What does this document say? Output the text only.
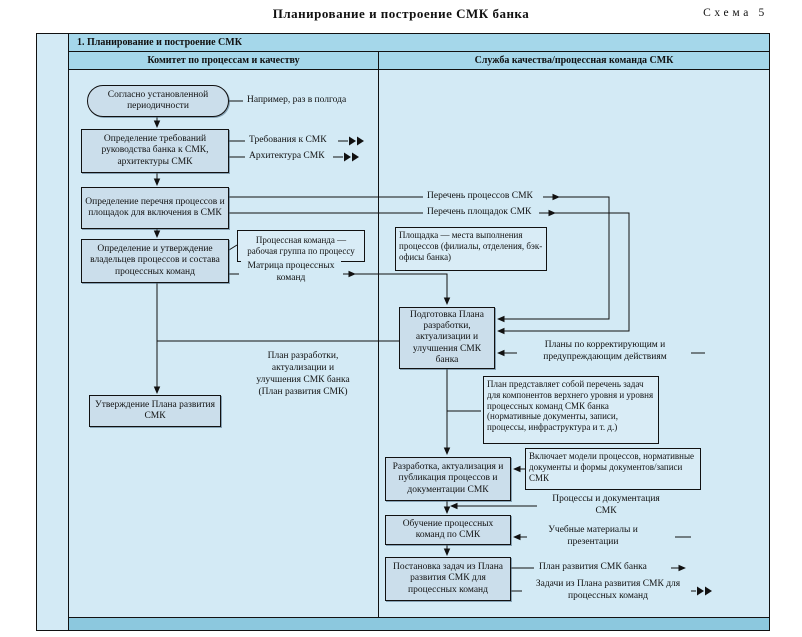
Планирование и построение СМК банка	Схема 5
1. Планирование и построение СМК
Комитет по процессам и качеству	Служба качества/процессная команда СМК
Согласно установленной периодичности
Например, раз в полгода
Определение требований руководства банка к СМК, архитектуры СМК
Требования к СМК
Архитектура СМК
Определение перечня процессов и площадок для включения в СМК
Определение и утверждение владельцев процессов и состава процессных команд
Процессная команда — рабочая группа по процессу
Матрица процессных команд
План разработки, актуализации и улучшения СМК банка (План развития СМК)
Утверждение Плана развития СМК
Перечень процессов СМК
Перечень площадок СМК
Площадка — места выполнения процессов (филиалы, отделения, бэк-офисы банка)
Подготовка Плана разработки, актуализации и улучшения СМК банка
Планы по корректирующим и предупреждающим действиям
План представляет собой перечень задач для компонентов верхнего уровня и уровня процессных команд СМК банка (нормативные документы, записи, процессы, инфраструктура и т. д.)
Разработка, актуализация и публикация процессов и документации СМК
Включает модели процессов, нормативные документы и формы документов/записи СМК
Процессы и документация СМК
Обучение процессных команд по СМК	Учебные материалы и презентации
Постановка задач из Плана развития СМК для процессных команд
План развития СМК банка
Задачи из Плана развития СМК для процессных команд
